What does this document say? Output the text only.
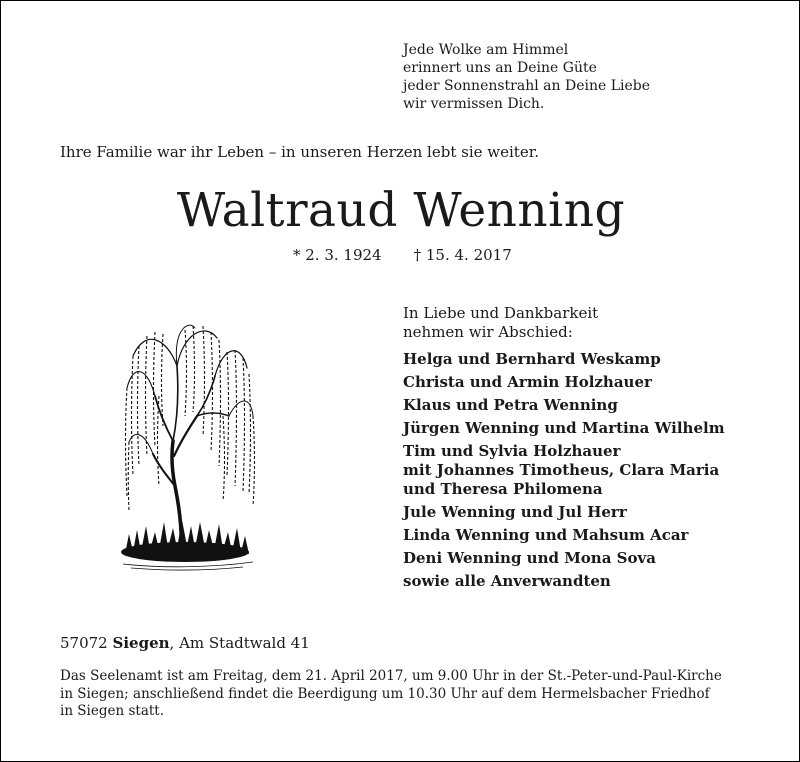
Jede Wolke am Himmel
erinnert uns an Deine Güte
jeder Sonnenstrahl an Deine Liebe
wir vermissen Dich.
Ihre Familie war ihr Leben – in unseren Herzen lebt sie weiter.
Waltraud Wenning
* 2. 3. 1924 † 15. 4. 2017
In Liebe und Dankbarkeit
nehmen wir Abschied:
Helga und Bernhard Weskamp
Christa und Armin Holzhauer
Klaus und Petra Wenning
Jürgen Wenning und Martina Wilhelm
Tim und Sylvia Holzhauer
mit Johannes Timotheus, Clara Maria
und Theresa Philomena
Jule Wenning und Jul Herr
Linda Wenning und Mahsum Acar
Deni Wenning und Mona Sova
sowie alle Anverwandten
57072 Siegen, Am Stadtwald 41
Das Seelenamt ist am Freitag, dem 21. April 2017, um 9.00 Uhr in der St.-Peter-und-Paul-Kirche
in Siegen; anschließend findet die Beerdigung um 10.30 Uhr auf dem Hermelsbacher Friedhof
in Siegen statt.
